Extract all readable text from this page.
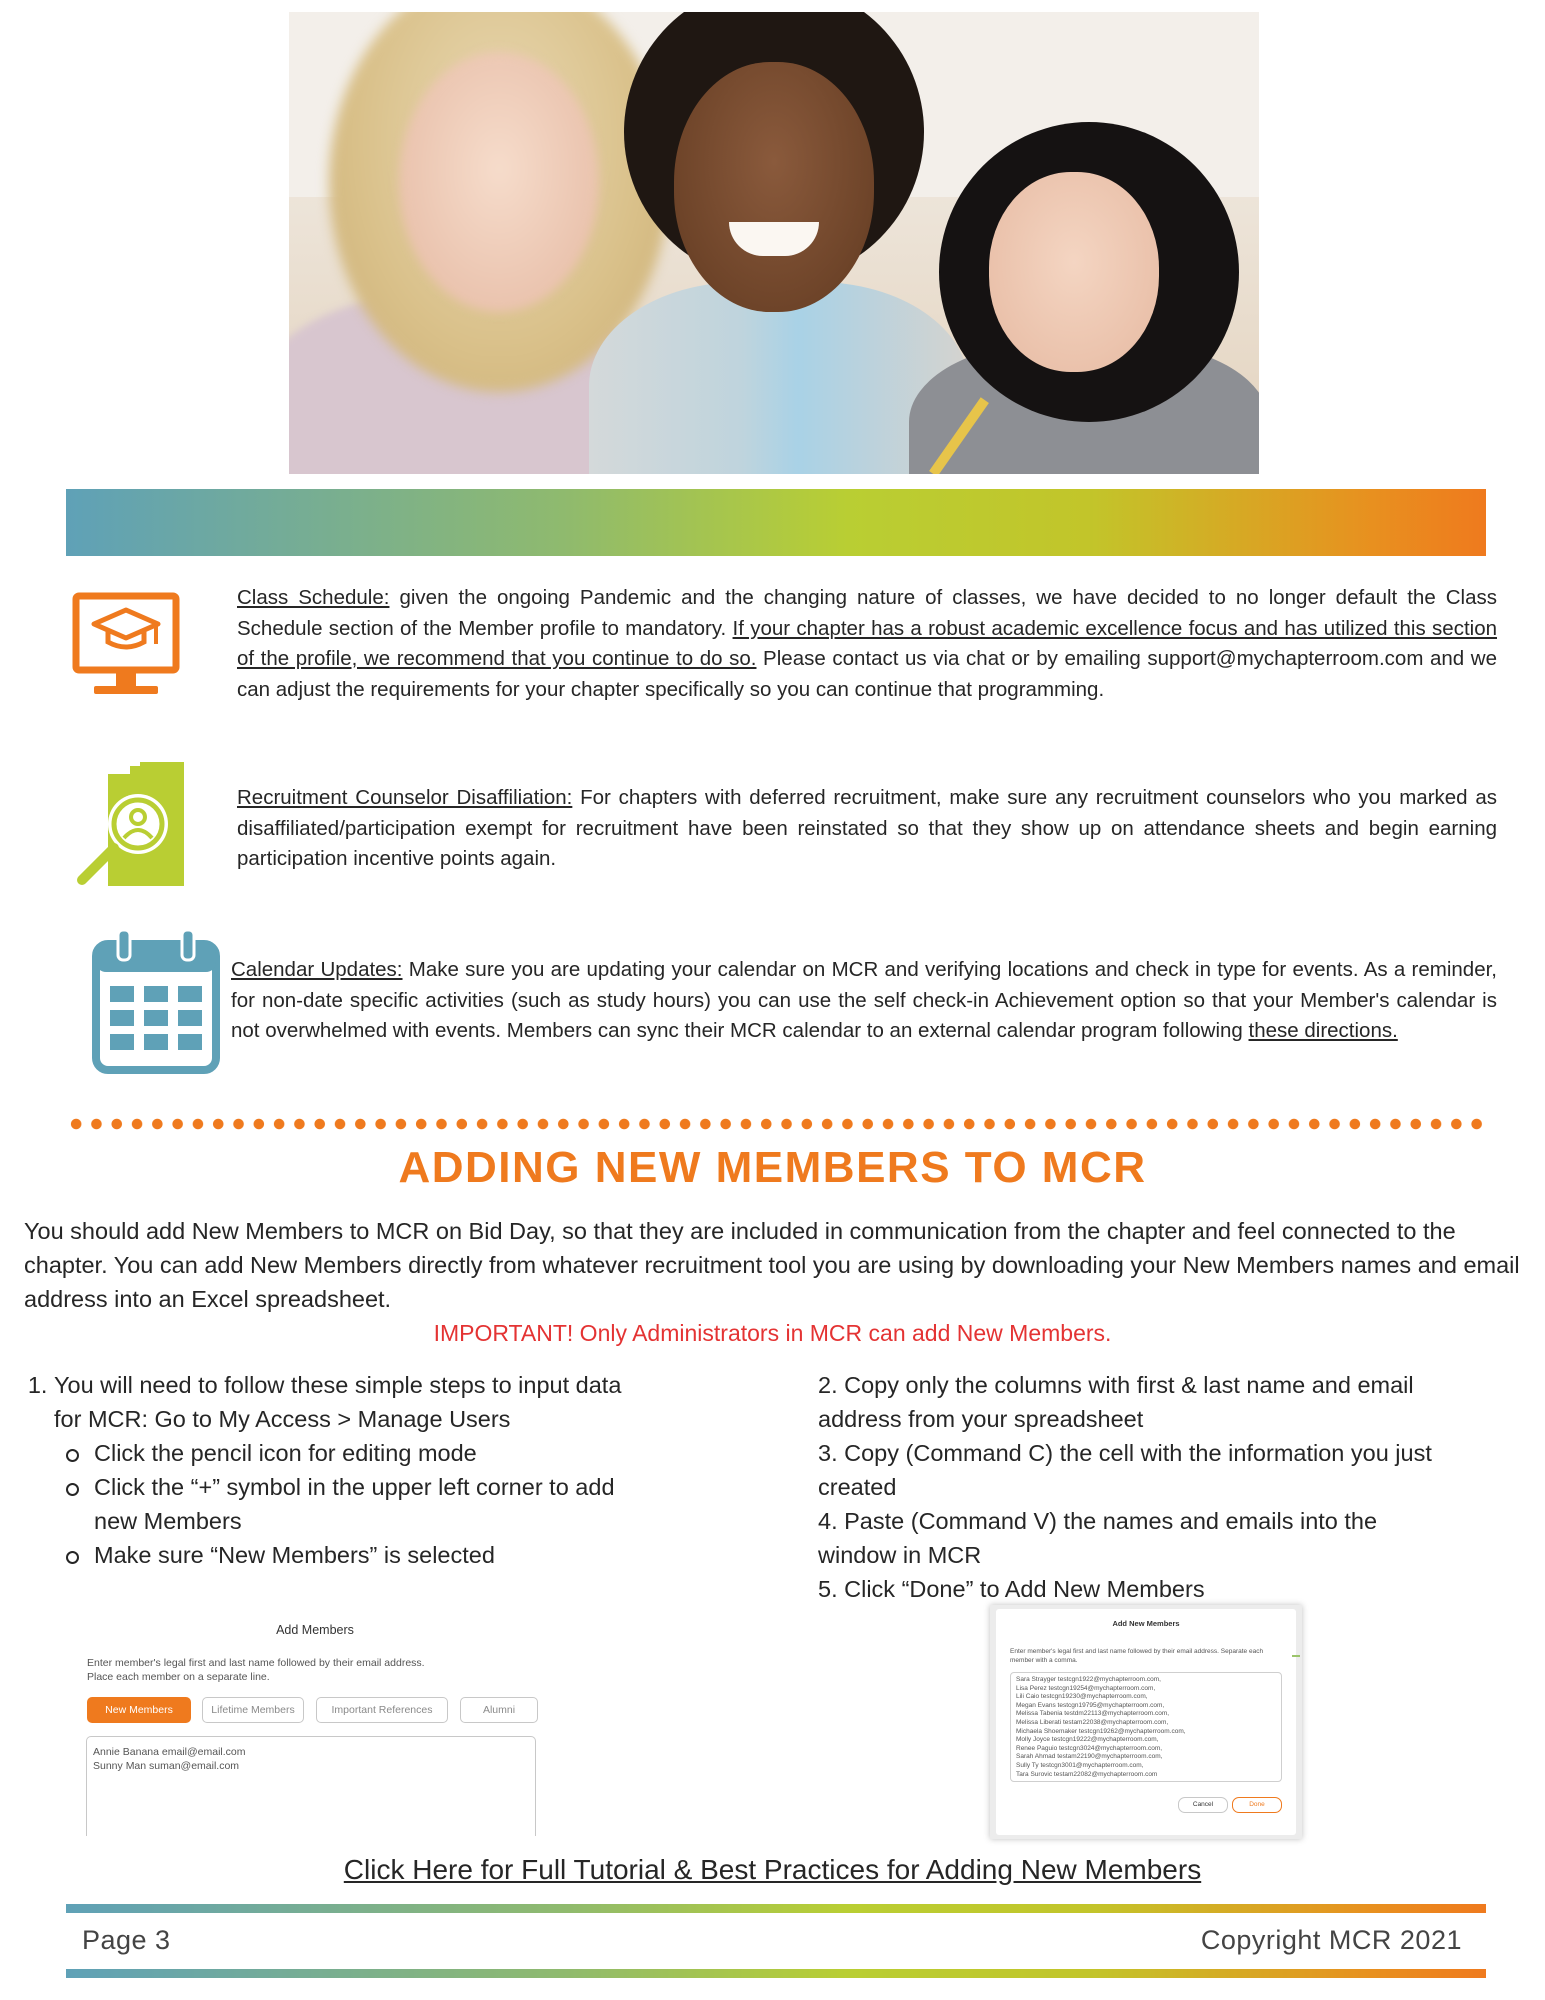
Class Schedule: given the ongoing Pandemic and the changing nature of classes, we have decided to no longer default the Class Schedule section of the Member profile to mandatory. If your chapter has a robust academic excellence focus and has utilized this section of the profile, we recommend that you continue to do so. Please contact us via chat or by emailing support@mychapterroom.com and we can adjust the requirements for your chapter specifically so you can continue that programming.

Recruitment Counselor Disaffiliation: For chapters with deferred recruitment, make sure any recruitment counselors who you marked as disaffiliated/participation exempt for recruitment have been reinstated so that they show up on attendance sheets and begin earning participation incentive points again.

Calendar Updates: Make sure you are updating your calendar on MCR and verifying locations and check in type for events. As a reminder, for non-date specific activities (such as study hours) you can use the self check-in Achievement option so that your Member's calendar is not overwhelmed with events. Members can sync their MCR calendar to an external calendar program following these directions.

ADDING NEW MEMBERS TO MCR

You should add New Members to MCR on Bid Day, so that they are included in communication from the chapter and feel connected to the chapter. You can add New Members directly from whatever recruitment tool you are using by downloading your New Members names and email address into an Excel spreadsheet.

IMPORTANT! Only Administrators in MCR can add New Members.

1. You will need to follow these simple steps to input data for MCR: Go to My Access > Manage Users
Click the pencil icon for editing mode
Click the “+” symbol in the upper left corner to add new Members
Make sure “New Members” is selected
2. Copy only the columns with first & last name and email address from your spreadsheet
3. Copy (Command C) the cell with the information you just created
4. Paste (Command V) the names and emails into the window in MCR
5. Click “Done” to Add New Members
Add Members
Enter member's legal first and last name followed by their email address.
Place each member on a separate line.
New Members	Lifetime Members	Important References	Alumni
Annie Banana email@email.com
Sunny Man suman@email.com
Add New Members
Enter member's legal first and last name followed by their email address. Separate each member with a comma.
Sara Strayger testcgn1922@mychapterroom.com,
Lisa Perez testcgn19254@mychapterroom.com,
Lili Caio testcgn19230@mychapterroom.com,
Megan Evans testcgn19795@mychapterroom.com,
Melissa Tabenia testdm22113@mychapterroom.com,
Melissa Liberati testam22038@mychapterroom.com,
Michaela Shoemaker testcgn19262@mychapterroom.com,
Molly Joyce testcgn19222@mychapterroom.com,
Renee Paguio testcgn3024@mychapterroom.com,
Sarah Ahmad testam22190@mychapterroom.com,
Sully Ty testcgn3001@mychapterroom.com,
Tara Surovic testam22082@mychapterroom.com
Cancel	Done
Click Here for Full Tutorial & Best Practices for Adding New Members
Page 3	Copyright MCR 2021
